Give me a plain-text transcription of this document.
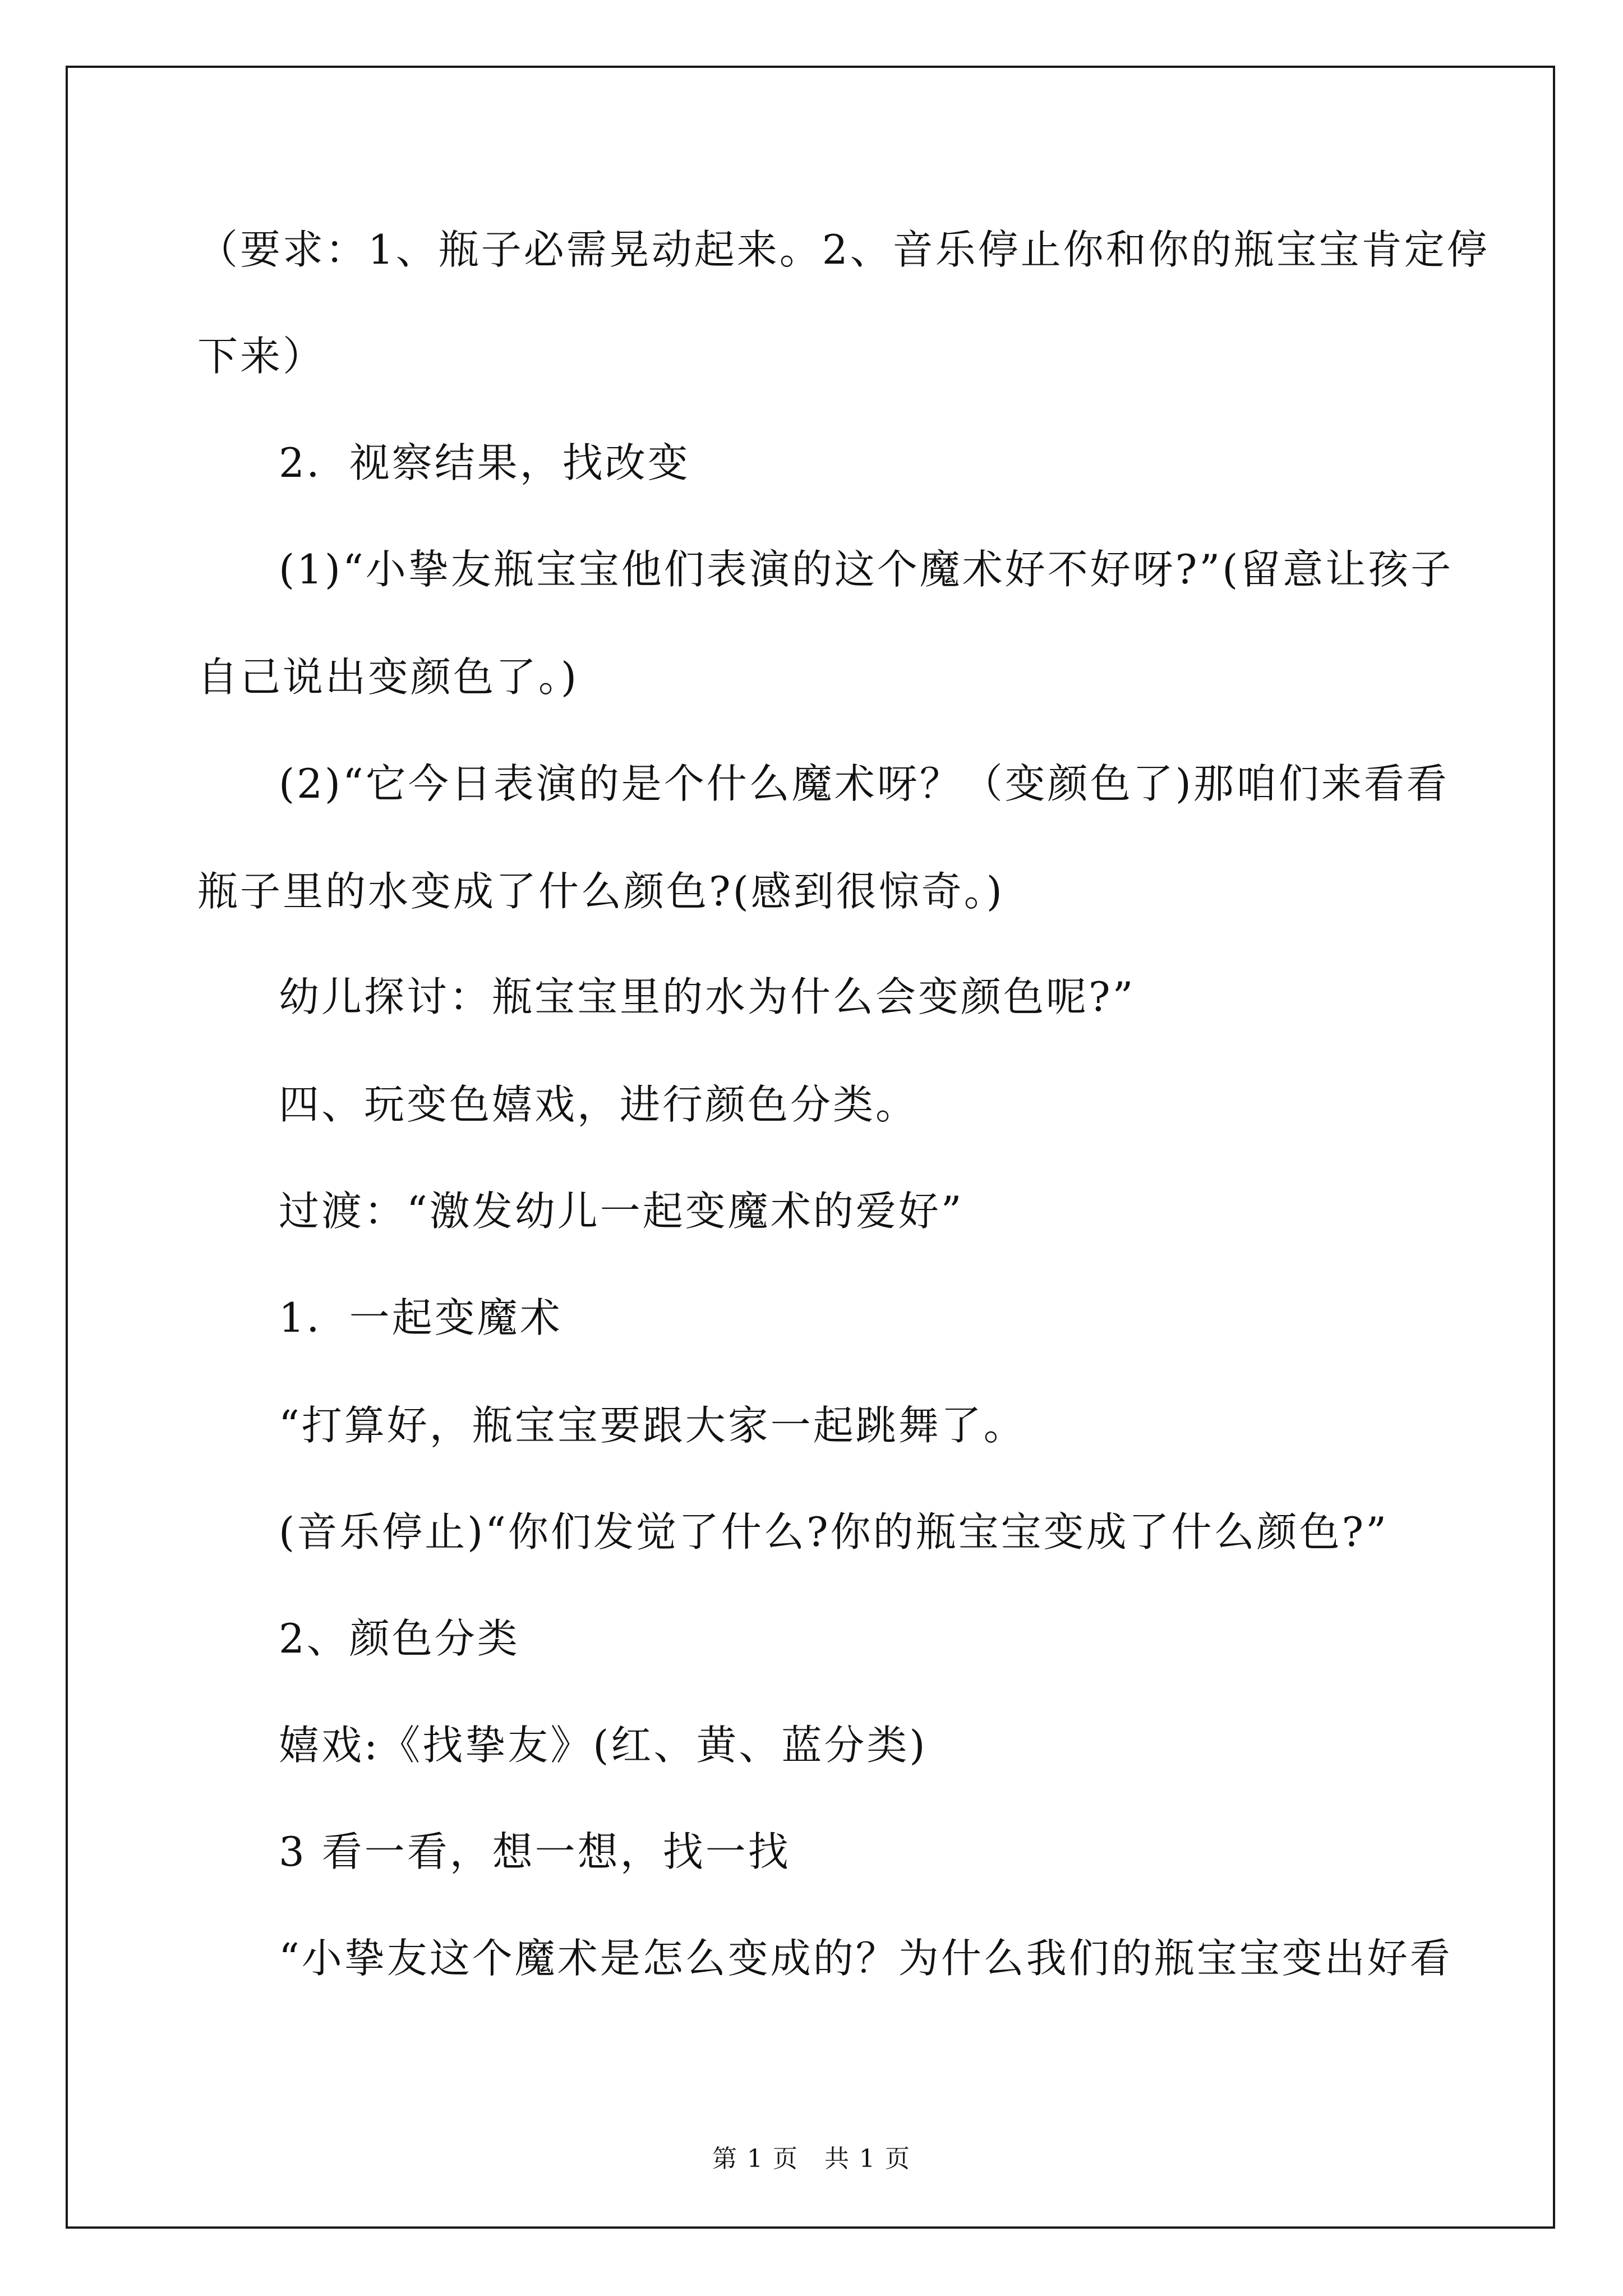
（要求：1、瓶子必需晃动起来。2、音乐停止你和你的瓶宝宝肯定停
下来）
2．视察结果，找改变
(1)“小挚友瓶宝宝他们表演的这个魔术好不好呀?”(留意让孩子
自己说出变颜色了。)
(2)“它今日表演的是个什么魔术呀？（变颜色了)那咱们来看看
瓶子里的水变成了什么颜色?(感到很惊奇。)
幼儿探讨：瓶宝宝里的水为什么会变颜色呢?”
四、玩变色嬉戏，进行颜色分类。
过渡：“激发幼儿一起变魔术的爱好”
1．一起变魔术
“打算好，瓶宝宝要跟大家一起跳舞了。
(音乐停止)“你们发觉了什么?你的瓶宝宝变成了什么颜色?”
2、颜色分类
嬉戏:《找挚友》(红、黄、蓝分类)
3 看一看，想一想，找一找
“小挚友这个魔术是怎么变成的？为什么我们的瓶宝宝变出好看
第 1 页　共 1 页
